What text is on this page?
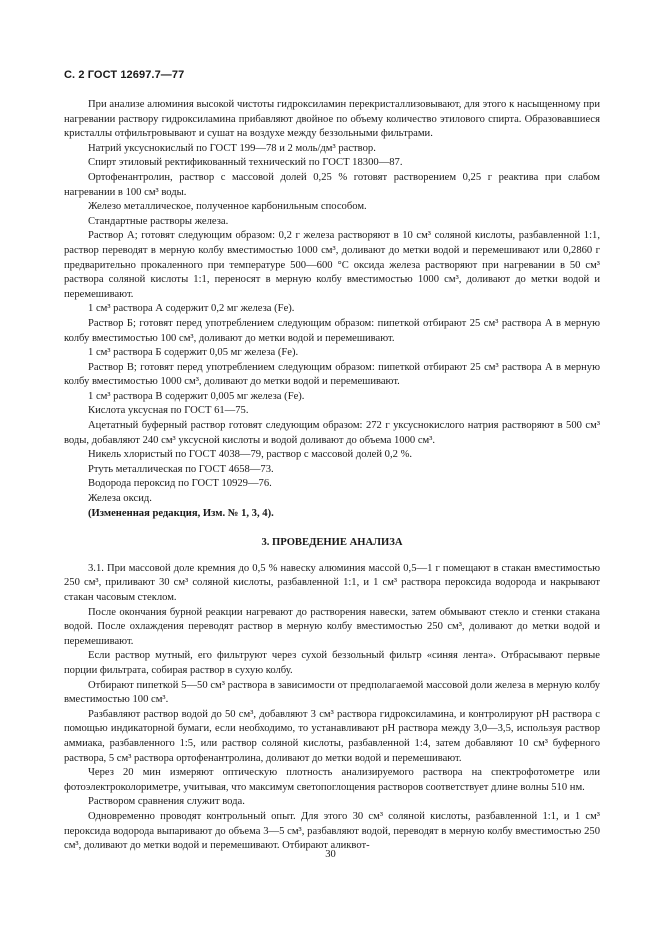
С. 2 ГОСТ 12697.7—77

При анализе алюминия высокой чистоты гидроксиламин перекристаллизовывают, для этого к насыщенному при нагревании раствору гидроксиламина прибавляют двойное по объему количество этилового спирта. Образовавшиеся кристаллы отфильтровывают и сушат на воздухе между беззольными фильтрами.

Натрий уксуснокислый по ГОСТ 199—78 и 2 моль/дм³ раствор.

Спирт этиловый ректификованный технический по ГОСТ 18300—87.

Ортофенантролин, раствор с массовой долей 0,25 % готовят растворением 0,25 г реактива при слабом нагревании в 100 см³ воды.

Железо металлическое, полученное карбонильным способом.

Стандартные растворы железа.

Раствор А; готовят следующим образом: 0,2 г железа растворяют в 10 см³ соляной кислоты, разбавленной 1:1, раствор переводят в мерную колбу вместимостью 1000 см³, доливают до метки водой и перемешивают или 0,2860 г предварительно прокаленного при температуре 500—600 °С оксида железа растворяют при нагревании в 50 см³ раствора соляной кислоты 1:1, переносят в мерную колбу вместимостью 1000 см³, доливают до метки водой и перемешивают.

1 см³ раствора А содержит 0,2 мг железа (Fe).

Раствор Б; готовят перед употреблением следующим образом: пипеткой отбирают 25 см³ раствора А в мерную колбу вместимостью 100 см³, доливают до метки водой и перемешивают.

1 см³ раствора Б содержит 0,05 мг железа (Fe).

Раствор В; готовят перед употреблением следующим образом: пипеткой отбирают 25 см³ раствора А в мерную колбу вместимостью 1000 см³, доливают до метки водой и перемешивают.

1 см³ раствора В содержит 0,005 мг железа (Fe).

Кислота уксусная по ГОСТ 61—75.

Ацетатный буферный раствор готовят следующим образом: 272 г уксуснокислого натрия растворяют в 500 см³ воды, добавляют 240 см³ уксусной кислоты и водой доливают до объема 1000 см³.

Никель хлористый по ГОСТ 4038—79, раствор с массовой долей 0,2 %.

Ртуть металлическая по ГОСТ 4658—73.

Водорода пероксид по ГОСТ 10929—76.

Железа оксид.

(Измененная редакция, Изм. № 1, 3, 4).

3. ПРОВЕДЕНИЕ АНАЛИЗА

3.1. При массовой доле кремния до 0,5 % навеску алюминия массой 0,5—1 г помещают в стакан вместимостью 250 см³, приливают 30 см³ соляной кислоты, разбавленной 1:1, и 1 см³ раствора пероксида водорода и накрывают стакан часовым стеклом.

После окончания бурной реакции нагревают до растворения навески, затем обмывают стекло и стенки стакана водой. После охлаждения переводят раствор в мерную колбу вместимостью 250 см³, доливают до метки водой и перемешивают.

Если раствор мутный, его фильтруют через сухой беззольный фильтр «синяя лента». Отбрасывают первые порции фильтрата, собирая раствор в сухую колбу.

Отбирают пипеткой 5—50 см³ раствора в зависимости от предполагаемой массовой доли железа в мерную колбу вместимостью 100 см³.

Разбавляют раствор водой до 50 см³, добавляют 3 см³ раствора гидроксиламина, и контролируют pH раствора с помощью индикаторной бумаги, если необходимо, то устанавливают pH раствора между 3,0—3,5, используя раствор аммиака, разбавленного 1:5, или раствор соляной кислоты, разбавленной 1:4, затем добавляют 10 см³ буферного раствора, 5 см³ раствора ортофенантролина, доливают до метки водой и перемешивают.

Через 20 мин измеряют оптическую плотность анализируемого раствора на спектрофотометре или фотоэлектроколориметре, учитывая, что максимум светопоглощения растворов соответствует длине волны 510 нм.

Раствором сравнения служит вода.

Одновременно проводят контрольный опыт. Для этого 30 см³ соляной кислоты, разбавленной 1:1, и 1 см³ пероксида водорода выпаривают до объема 3—5 см³, разбавляют водой, переводят в мерную колбу вместимостью 250 см³, доливают до метки водой и перемешивают. Отбирают аликвот-

30
